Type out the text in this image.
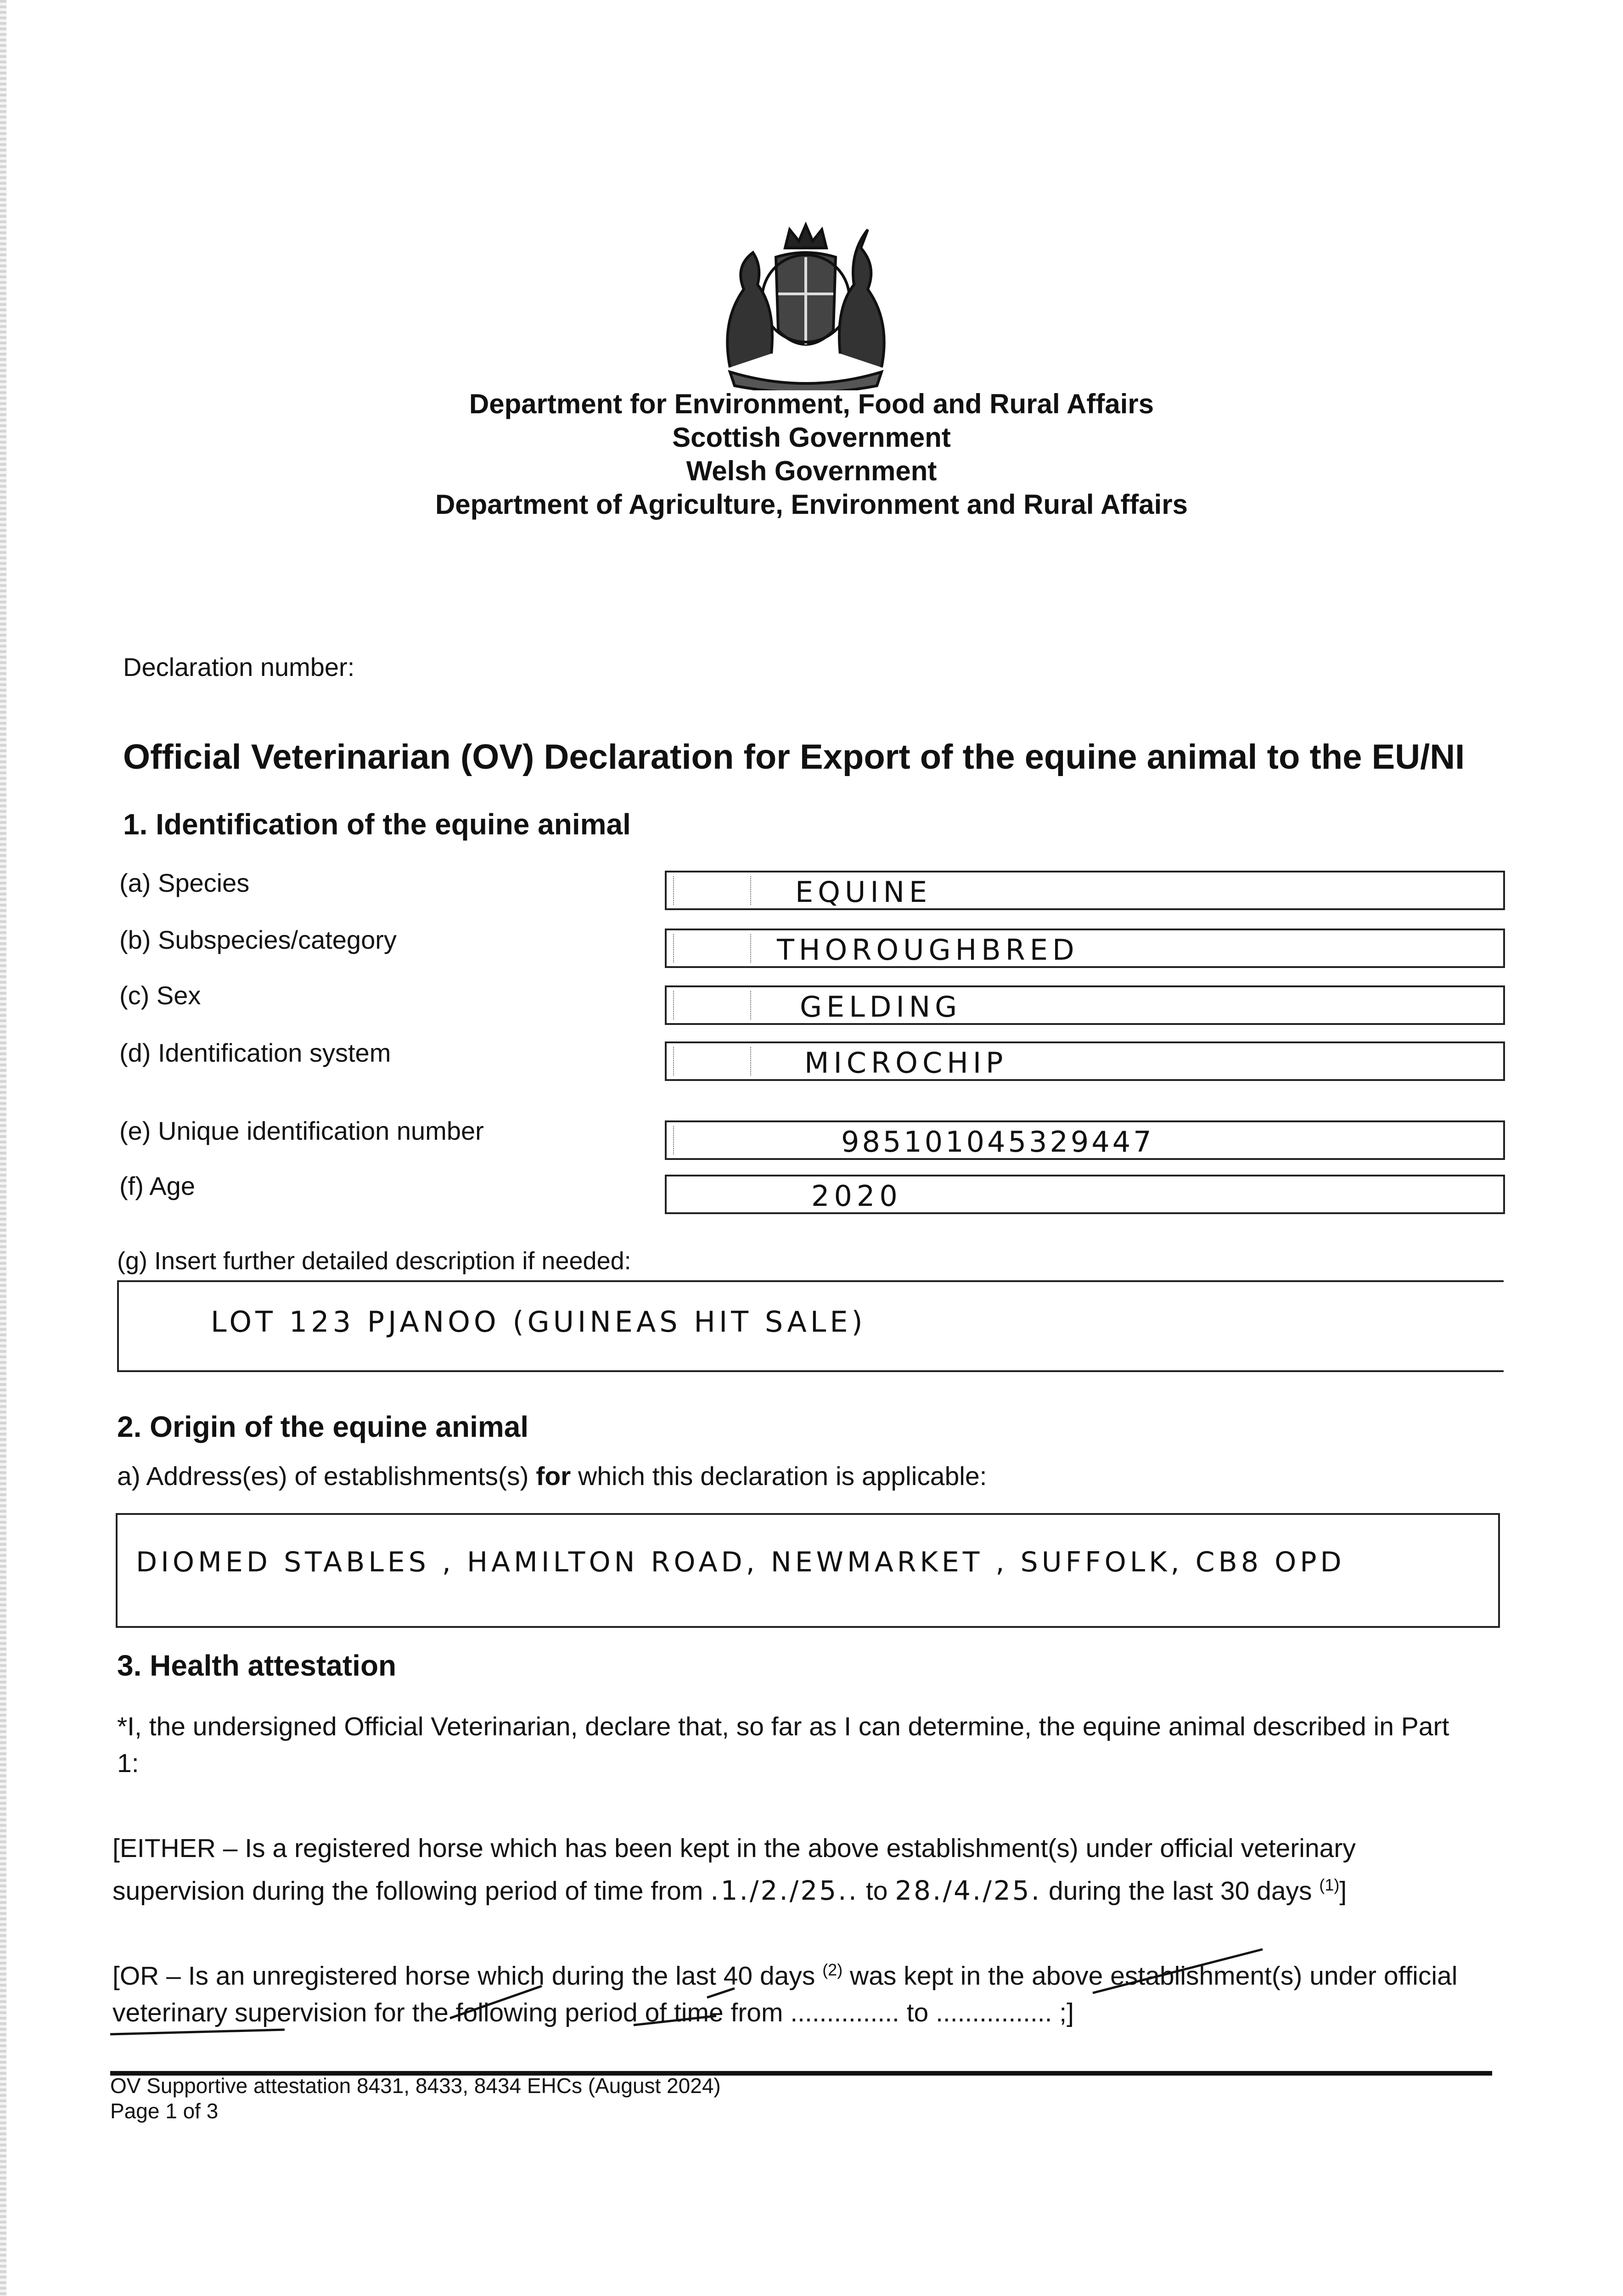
Department for Environment, Food and Rural Affairs
Scottish Government
Welsh Government
Department of Agriculture, Environment and Rural Affairs
Declaration number:
Official Veterinarian (OV) Declaration for Export of the equine animal to the EU/NI
1. Identification of the equine animal
(a) Species	EQUINE
(b) Subspecies/category	THOROUGHBRED
(c) Sex	GELDING
(d) Identification system	MICROCHIP
(e) Unique identification number	985101045329447
(f) Age	2020
(g) Insert further detailed description if needed:
LOT 123 PJANOO (GUINEAS HIT SALE)
2. Origin of the equine animal
a) Address(es) of establishments(s) for which this declaration is applicable:
DIOMED STABLES , HAMILTON ROAD, NEWMARKET , SUFFOLK, CB8 OPD
3. Health attestation
*I, the undersigned Official Veterinarian, declare that, so far as I can determine, the equine animal described in Part
1:
[EITHER – Is a registered horse which has been kept in the above establishment(s) under official veterinary
supervision during the following period of time from .1./2./25.. to 28./4./25. during the last 30 days $^{(1)}$]
[OR – Is an unregistered horse which during the last 40 days $^{(2)}$ was kept in the above establishment(s) under official
veterinary supervision for the following period of time from ............... to ................ ;]
OV Supportive attestation 8431, 8433, 8434 EHCs (August 2024)
Page 1 of 3
